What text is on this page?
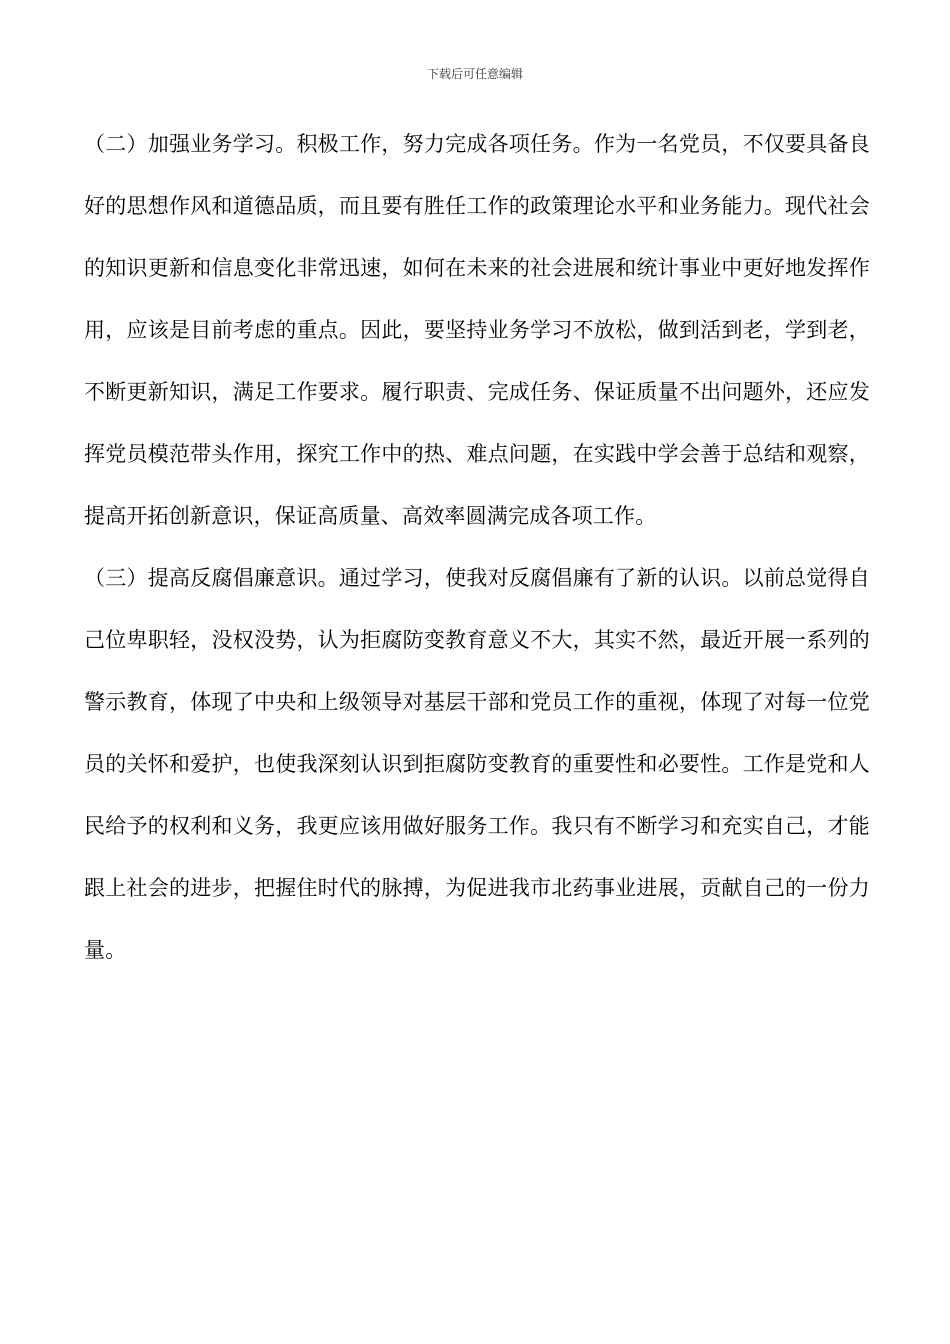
下载后可任意编辑

（二）加强业务学习。积极工作，努力完成各项任务。作为一名党员，不仅要具备良好的思想作风和道德品质，而且要有胜任工作的政策理论水平和业务能力。现代社会的知识更新和信息变化非常迅速，如何在未来的社会进展和统计事业中更好地发挥作用，应该是目前考虑的重点。因此，要坚持业务学习不放松，做到活到老，学到老，不断更新知识，满足工作要求。履行职责、完成任务、保证质量不出问题外，还应发挥党员模范带头作用，探究工作中的热、难点问题，在实践中学会善于总结和观察，提高开拓创新意识，保证高质量、高效率圆满完成各项工作。

（三）提高反腐倡廉意识。通过学习，使我对反腐倡廉有了新的认识。以前总觉得自己位卑职轻，没权没势，认为拒腐防变教育意义不大，其实不然，最近开展一系列的警示教育，体现了中央和上级领导对基层干部和党员工作的重视，体现了对每一位党员的关怀和爱护，也使我深刻认识到拒腐防变教育的重要性和必要性。工作是党和人民给予的权利和义务，我更应该用做好服务工作。我只有不断学习和充实自己，才能跟上社会的进步，把握住时代的脉搏，为促进我市北药事业进展，贡献自己的一份力量。
